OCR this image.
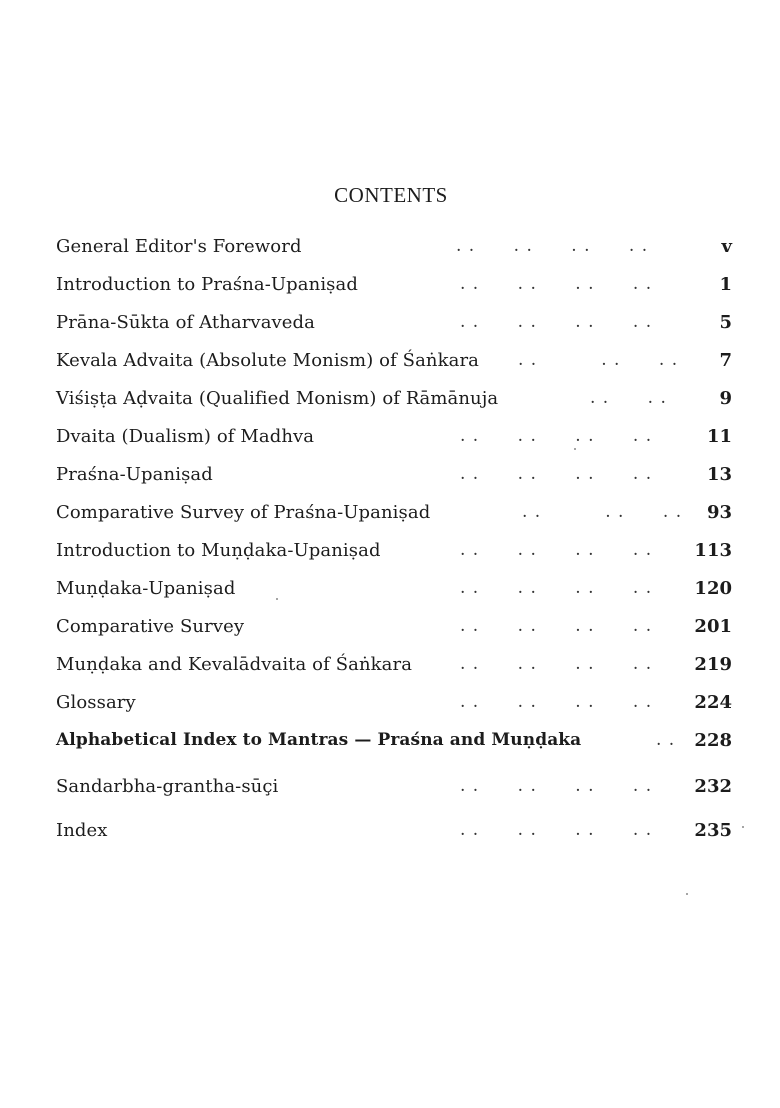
CONTENTS
General Editor's Foreword	. .      . .      . .      . .	v
Introduction to Praśna-Upaniṣad	. .      . .      . .      . .	1
Prāna-Sūkta of Atharvaveda	. .      . .      . .      . .	5
Kevala Advaita (Absolute Monism) of Śaṅkara . .          . .      . .	7
Viśiṣṭa Aḍvaita (Qualified Monism) of Rāmānuja	. .      . .	9
Dvaita (Dualism) of Madhva	. .      . .      . .      . .	11
Praśna-Upaniṣad	. .      . .      . .      . .	13
Comparative Survey of Praśna-Upaniṣad	. .          . .      . .	93
Introduction to Muṇḍaka-Upaniṣad	. .      . .      . .      . . 113
Muṇḍaka-Upaniṣad	. .      . .      . .      . . 120
Comparative Survey	. .      . .      . .      . . 201
Muṇḍaka and Kevalādvaita of Śaṅkara	. .      . .      . .      . . 219
Glossary	. .      . .      . .      . . 224
Alphabetical Index to Mantras — Praśna and Muṇḍaka	. . 228
Sandarbha-grantha-sūçi	. .      . .      . .      . . 232
Index	. .      . .      . .      . . 235
